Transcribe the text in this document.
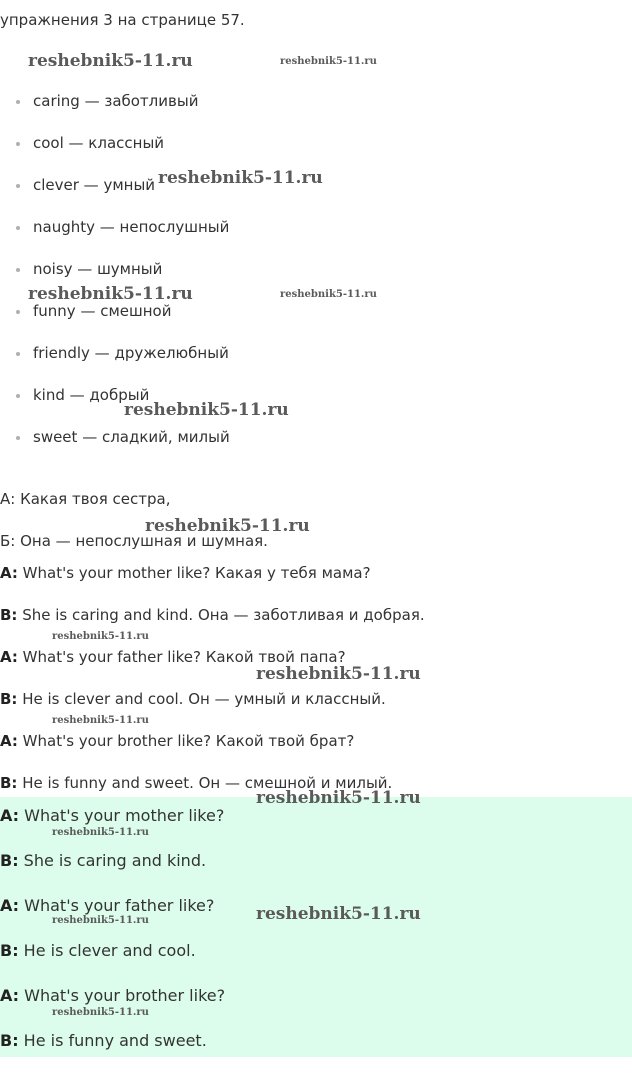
упражнения 3 на странице 57.
caring — заботливый
cool — классный
clever — умный
naughty — непослушный
noisy — шумный
funny — смешной
friendly — дружелюбный
kind — добрый
sweet — сладкий, милый
А: Какая твоя сестра,
Б: Она — непослушная и шумная.
A: What's your mother like? Какая у тебя мама?
B: She is caring and kind. Она — заботливая и добрая.
A: What's your father like? Какой твой папа?
B: He is clever and cool. Он — умный и классный.
A: What's your brother like? Какой твой брат?
B: He is funny and sweet. Он — смешной и милый.
A: What's your mother like?
B: She is caring and kind.
A: What's your father like?
B: He is clever and cool.
A: What's your brother like?
B: He is funny and sweet.
reshebnik5-11.ru	reshebnik5-11.ru
reshebnik5-11.ru
reshebnik5-11.ru	reshebnik5-11.ru
reshebnik5-11.ru
reshebnik5-11.ru
reshebnik5-11.ru
reshebnik5-11.ru
reshebnik5-11.ru
reshebnik5-11.ru
reshebnik5-11.ru
reshebnik5-11.ru
reshebnik5-11.ru
reshebnik5-11.ru
